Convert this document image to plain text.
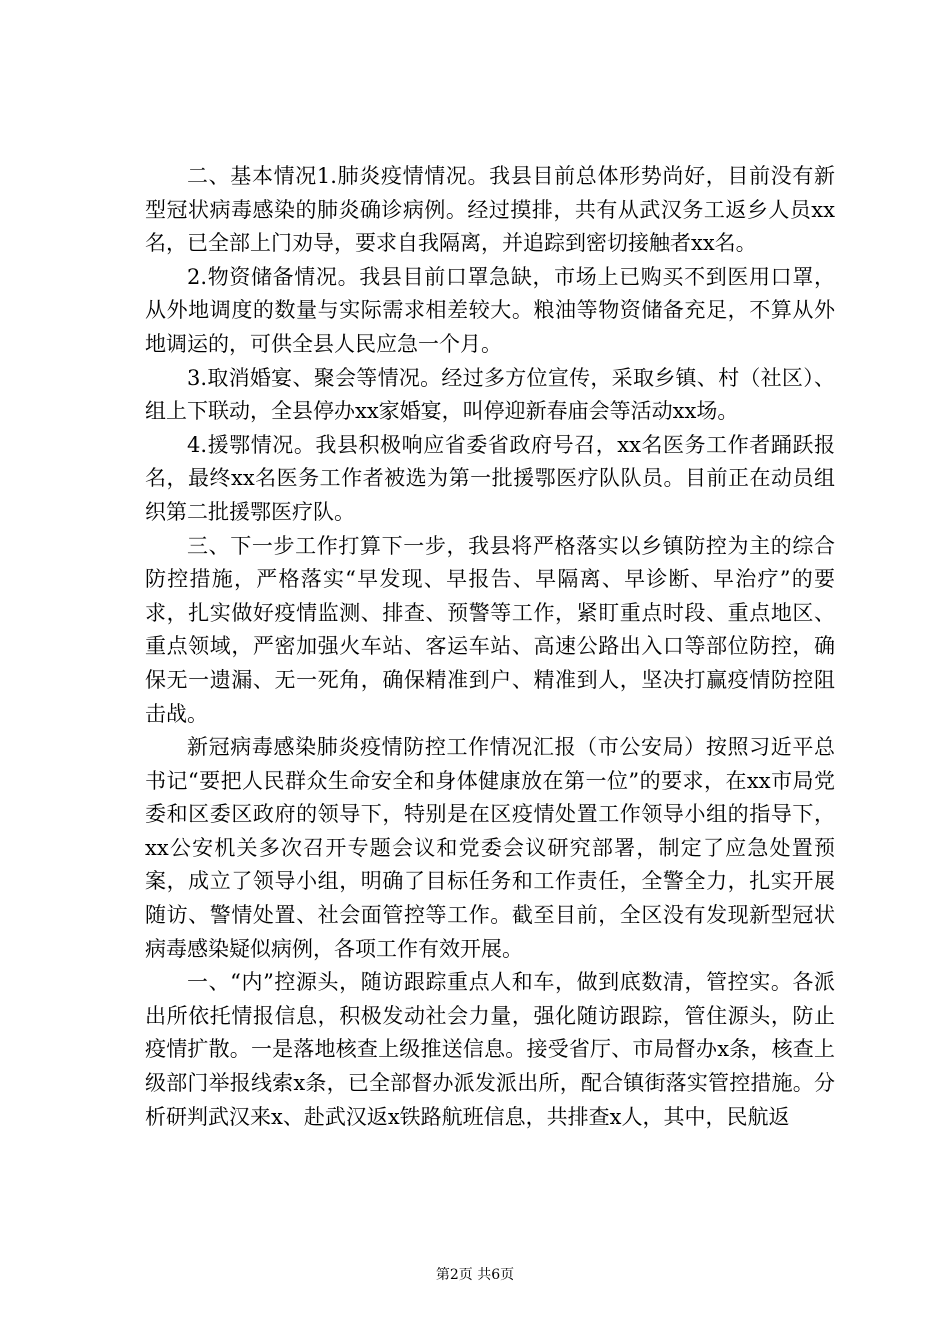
二、基本情况1.肺炎疫情情况。我县目前总体形势尚好，目前没有新型冠状病毒感染的肺炎确诊病例。经过摸排，共有从武汉务工返乡人员xx名，已全部上门劝导，要求自我隔离，并追踪到密切接触者xx名。

2.物资储备情况。我县目前口罩急缺，市场上已购买不到医用口罩，从外地调度的数量与实际需求相差较大。粮油等物资储备充足，不算从外地调运的，可供全县人民应急一个月。

3.取消婚宴、聚会等情况。经过多方位宣传，采取乡镇、村（社区）、组上下联动，全县停办xx家婚宴，叫停迎新春庙会等活动xx场。

4.援鄂情况。我县积极响应省委省政府号召，xx名医务工作者踊跃报名，最终xx名医务工作者被选为第一批援鄂医疗队队员。目前正在动员组织第二批援鄂医疗队。

三、下一步工作打算下一步，我县将严格落实以乡镇防控为主的综合防控措施，严格落实“早发现、早报告、早隔离、早诊断、早治疗”的要求，扎实做好疫情监测、排查、预警等工作，紧盯重点时段、重点地区、重点领域，严密加强火车站、客运车站、高速公路出入口等部位防控，确保无一遗漏、无一死角，确保精准到户、精准到人，坚决打赢疫情防控阻击战。

新冠病毒感染肺炎疫情防控工作情况汇报（市公安局）按照习近平总书记“要把人民群众生命安全和身体健康放在第一位”的要求，在xx市局党委和区委区政府的领导下，特别是在区疫情处置工作领导小组的指导下，xx公安机关多次召开专题会议和党委会议研究部署，制定了应急处置预案，成立了领导小组，明确了目标任务和工作责任，全警全力，扎实开展随访、警情处置、社会面管控等工作。截至目前，全区没有发现新型冠状病毒感染疑似病例，各项工作有效开展。

一、“内”控源头，随访跟踪重点人和车，做到底数清，管控实。各派出所依托情报信息，积极发动社会力量，强化随访跟踪，管住源头，防止疫情扩散。一是落地核查上级推送信息。接受省厅、市局督办x条，核查上级部门举报线索x条，已全部督办派发派出所，配合镇街落实管控措施。分析研判武汉来x、赴武汉返x铁路航班信息，共排查x人，其中，民航返

第2页 共6页
